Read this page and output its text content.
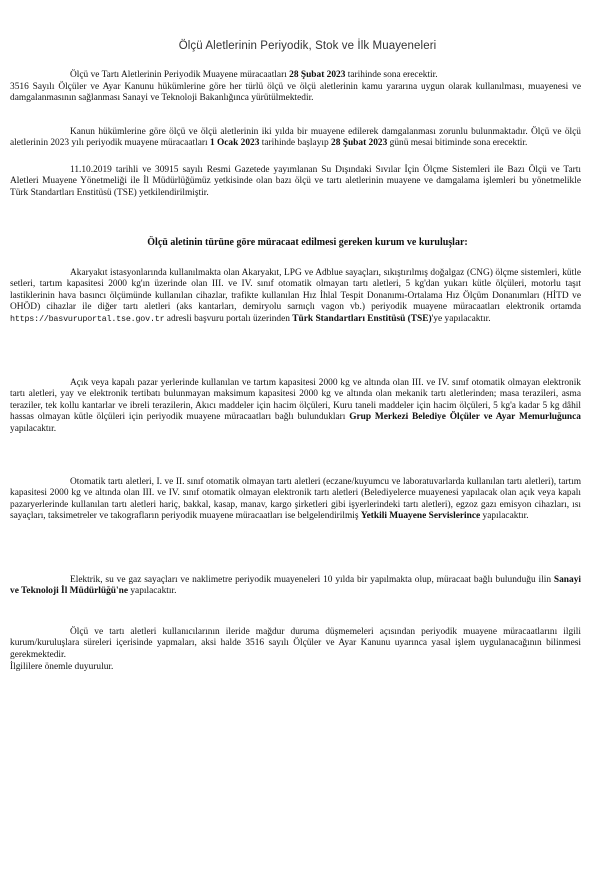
Ölçü Aletlerinin Periyodik, Stok ve İlk Muayeneleri

Ölçü ve Tartı Aletlerinin Periyodik Muayene müracaatları 28 Şubat 2023 tarihinde sona erecektir.

3516 Sayılı Ölçüler ve Ayar Kanunu hükümlerine göre her türlü ölçü ve ölçü aletlerinin kamu yararına uygun olarak kullanılması, muayenesi ve damgalanmasının sağlanması Sanayi ve Teknoloji Bakanlığınca yürütülmektedir.

Kanun hükümlerine göre ölçü ve ölçü aletlerinin iki yılda bir muayene edilerek damgalanması zorunlu bulunmaktadır. Ölçü ve ölçü aletlerinin 2023 yılı periyodik muayene müracaatları 1 Ocak 2023 tarihinde başlayıp 28 Şubat 2023 günü mesai bitiminde sona erecektir.

11.10.2019 tarihli ve 30915 sayılı Resmi Gazetede yayımlanan Su Dışındaki Sıvılar İçin Ölçme Sistemleri ile Bazı Ölçü ve Tartı Aletleri Muayene Yönetmeliği ile İl Müdürlüğümüz yetkisinde olan bazı ölçü ve tartı aletlerinin muayene ve damgalama işlemleri bu yönetmelikle Türk Standartları Enstitüsü (TSE) yetkilendirilmiştir.

Ölçü aletinin türüne göre müracaat edilmesi gereken kurum ve kuruluşlar:

Akaryakıt istasyonlarında kullanılmakta olan Akaryakıt, LPG ve Adblue sayaçları, sıkıştırılmış doğalgaz (CNG) ölçme sistemleri, kütle setleri, tartım kapasitesi 2000 kg'ın üzerinde olan III. ve IV. sınıf otomatik olmayan tartı aletleri, 5 kg'dan yukarı kütle ölçüleri, motorlu taşıt lastiklerinin hava basıncı ölçümünde kullanılan cihazlar, trafikte kullanılan Hız İhlal Tespit Donanımı-Ortalama Hız Ölçüm Donanımları (HİTD ve OHÖD) cihazlar ile diğer tartı aletleri (aks kantarları, demiryolu sarnıçlı vagon vb.) periyodik muayene müracaatları elektronik ortamda https://basvuruportal.tse.gov.tr adresli başvuru portalı üzerinden Türk Standartları Enstitüsü (TSE)'ye yapılacaktır.

Açık veya kapalı pazar yerlerinde kullanılan ve tartım kapasitesi 2000 kg ve altında olan III. ve IV. sınıf otomatik olmayan elektronik tartı aletleri, yay ve elektronik tertibatı bulunmayan maksimum kapasitesi 2000 kg ve altında olan mekanik tartı aletlerinden; masa terazileri, asma teraziler, tek kollu kantarlar ve ibreli terazilerin, Akıcı maddeler için hacim ölçüleri, Kuru taneli maddeler için hacim ölçüleri, 5 kg'a kadar 5 kg dâhil hassas olmayan kütle ölçüleri için periyodik muayene müracaatları bağlı bulundukları Grup Merkezi Belediye Ölçüler ve Ayar Memurluğunca yapılacaktır.

Otomatik tartı aletleri, I. ve II. sınıf otomatik olmayan tartı aletleri (eczane/kuyumcu ve laboratuvarlarda kullanılan tartı aletleri), tartım kapasitesi 2000 kg ve altında olan III. ve IV. sınıf otomatik olmayan elektronik tartı aletleri (Belediyelerce muayenesi yapılacak olan açık veya kapalı pazaryerlerinde kullanılan tartı aletleri hariç, bakkal, kasap, manav, kargo şirketleri gibi işyerlerindeki tartı aletleri), egzoz gazı emisyon cihazları, ısı sayaçları, taksimetreler ve takografların periyodik muayene müracaatları ise belgelendirilmiş Yetkili Muayene Servislerince yapılacaktır.

Elektrik, su ve gaz sayaçları ve naklimetre periyodik muayeneleri 10 yılda bir yapılmakta olup, müracaat bağlı bulunduğu ilin Sanayi ve Teknoloji İl Müdürlüğü'ne yapılacaktır.

Ölçü ve tartı aletleri kullanıcılarının ileride mağdur duruma düşmemeleri açısından periyodik muayene müracaatlarını ilgili kurum/kuruluşlara süreleri içerisinde yapmaları, aksi halde 3516 sayılı Ölçüler ve Ayar Kanunu uyarınca yasal işlem uygulanacağının bilinmesi gerekmektedir.

İlgililere önemle duyurulur.
